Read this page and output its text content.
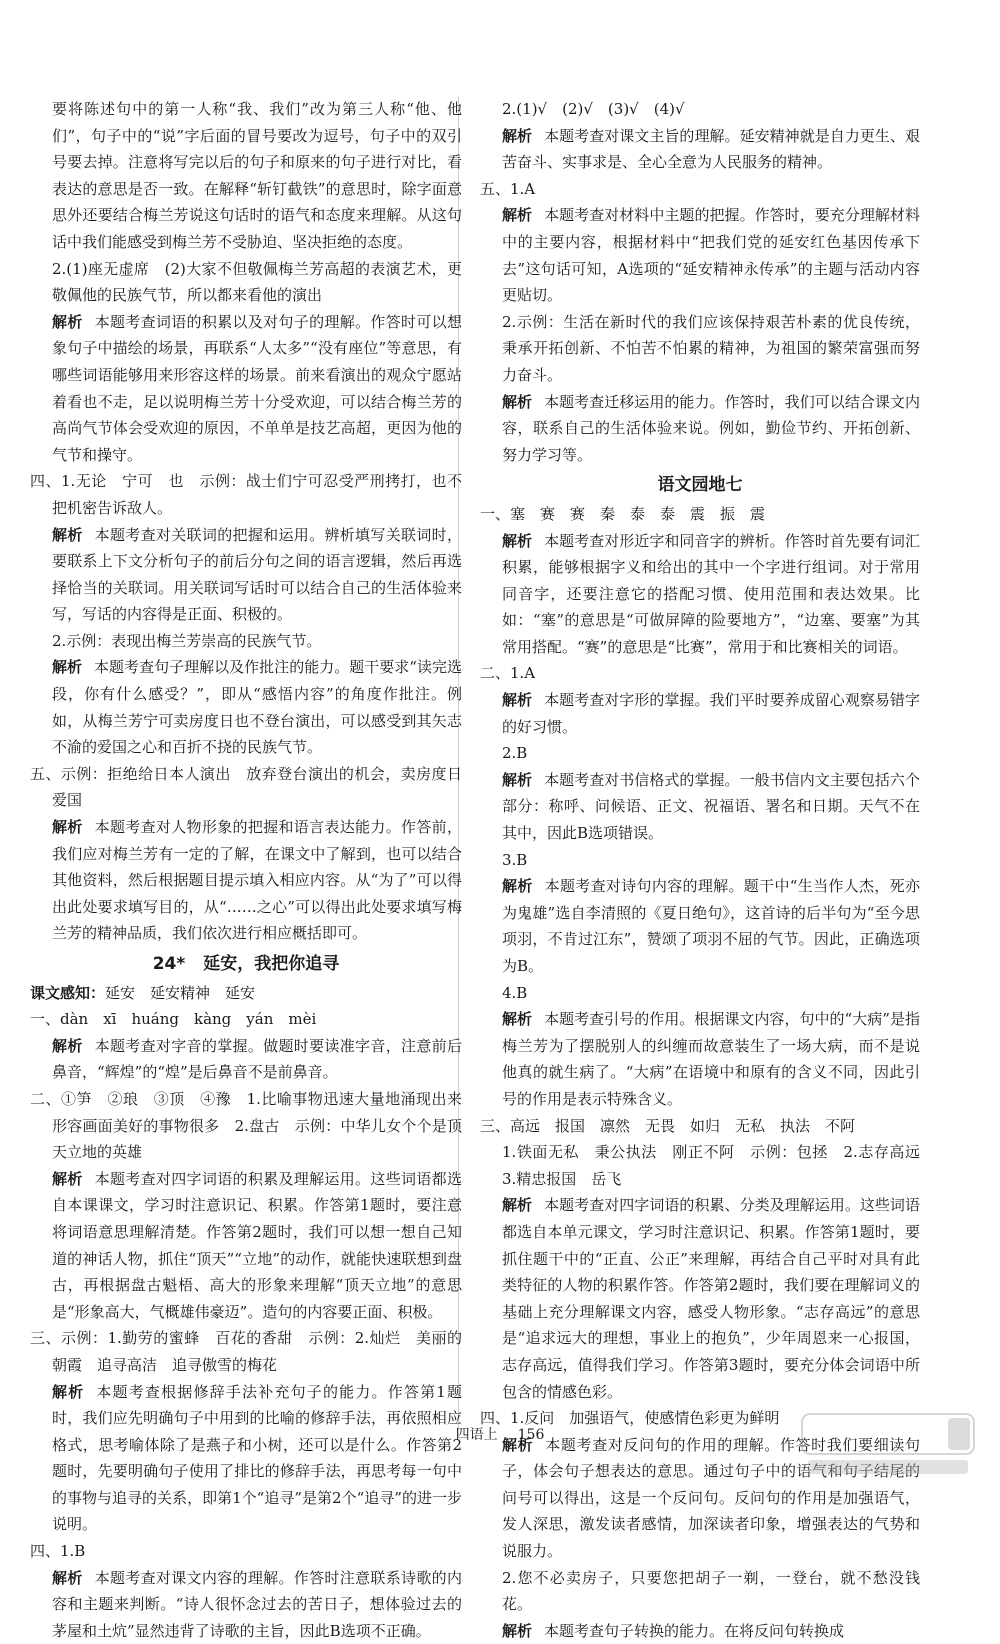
要将陈述句中的第一人称“我、我们”改为第三人称“他、他们”，句子中的“说”字后面的冒号要改为逗号，句子中的双引号要去掉。注意将写完以后的句子和原来的句子进行对比，看表达的意思是否一致。在解释“斩钉截铁”的意思时，除字面意思外还要结合梅兰芳说这句话时的语气和态度来理解。从这句话中我们能感受到梅兰芳不受胁迫、坚决拒绝的态度。

2.(1)座无虚席　(2)大家不但敬佩梅兰芳高超的表演艺术，更敬佩他的民族气节，所以都来看他的演出

解析 本题考查词语的积累以及对句子的理解。作答时可以想象句子中描绘的场景，再联系“人太多”“没有座位”等意思，有哪些词语能够用来形容这样的场景。前来看演出的观众宁愿站着看也不走，足以说明梅兰芳十分受欢迎，可以结合梅兰芳的高尚气节体会受欢迎的原因，不单单是技艺高超，更因为他的气节和操守。

四、1.无论　宁可　也　示例：战士们宁可忍受严刑拷打，也不把机密告诉敌人。

解析 本题考查对关联词的把握和运用。辨析填写关联词时，要联系上下文分析句子的前后分句之间的语言逻辑，然后再选择恰当的关联词。用关联词写话时可以结合自己的生活体验来写，写话的内容得是正面、积极的。

2.示例：表现出梅兰芳崇高的民族气节。

解析 本题考查句子理解以及作批注的能力。题干要求“读完选段，你有什么感受？”，即从“感悟内容”的角度作批注。例如，从梅兰芳宁可卖房度日也不登台演出，可以感受到其矢志不渝的爱国之心和百折不挠的民族气节。

五、示例：拒绝给日本人演出　放弃登台演出的机会，卖房度日　爱国

解析 本题考查对人物形象的把握和语言表达能力。作答前，我们应对梅兰芳有一定的了解，在课文中了解到，也可以结合其他资料，然后根据题目提示填入相应内容。从“为了”可以得出此处要求填写目的，从“……之心”可以得出此处要求填写梅兰芳的精神品质，我们依次进行相应概括即可。

24* 延安，我把你追寻

课文感知：延安　延安精神　延安

一、dàn　xī　huáng　kàng　yán　mèi

解析 本题考查对字音的掌握。做题时要读准字音，注意前后鼻音，“辉煌”的“煌”是后鼻音不是前鼻音。

二、①笋　②琅　③顶　④豫　1.比喻事物迅速大量地涌现出来　形容画面美好的事物很多　2.盘古　示例：中华儿女个个是顶天立地的英雄

解析 本题考查对四字词语的积累及理解运用。这些词语都选自本课课文，学习时注意识记、积累。作答第1题时，要注意将词语意思理解清楚。作答第2题时，我们可以想一想自己知道的神话人物，抓住“顶天”“立地”的动作，就能快速联想到盘古，再根据盘古魁梧、高大的形象来理解“顶天立地”的意思是“形象高大，气概雄伟豪迈”。造句的内容要正面、积极。

三、示例：1.勤劳的蜜蜂　百花的香甜　示例：2.灿烂　美丽的朝霞　追寻高洁　追寻傲雪的梅花

解析 本题考查根据修辞手法补充句子的能力。作答第1题时，我们应先明确句子中用到的比喻的修辞手法，再依照相应格式，思考喻体除了是燕子和小树，还可以是什么。作答第2题时，先要明确句子使用了排比的修辞手法，再思考每一句中的事物与追寻的关系，即第1个“追寻”是第2个“追寻”的进一步说明。

四、1.B

解析 本题考查对课文内容的理解。作答时注意联系诗歌的内容和主题来判断。“诗人很怀念过去的苦日子，想体验过去的茅屋和土炕”显然违背了诗歌的主旨，因此B选项不正确。

2.(1)√　(2)√　(3)√　(4)√

解析 本题考查对课文主旨的理解。延安精神就是自力更生、艰苦奋斗、实事求是、全心全意为人民服务的精神。

五、1.A

解析 本题考查对材料中主题的把握。作答时，要充分理解材料中的主要内容，根据材料中“把我们党的延安红色基因传承下去”这句话可知，A选项的“延安精神永传承”的主题与活动内容更贴切。

2.示例：生活在新时代的我们应该保持艰苦朴素的优良传统，秉承开拓创新、不怕苦不怕累的精神，为祖国的繁荣富强而努力奋斗。

解析 本题考查迁移运用的能力。作答时，我们可以结合课文内容，联系自己的生活体验来说。例如，勤俭节约、开拓创新、努力学习等。

语文园地七

一、塞　赛　赛　秦　泰　泰　震　振　震

解析 本题考查对形近字和同音字的辨析。作答时首先要有词汇积累，能够根据字义和给出的其中一个字进行组词。对于常用同音字，还要注意它的搭配习惯、使用范围和表达效果。比如：“塞”的意思是“可做屏障的险要地方”，“边塞、要塞”为其常用搭配。“赛”的意思是“比赛”，常用于和比赛相关的词语。

二、1.A

解析 本题考查对字形的掌握。我们平时要养成留心观察易错字的好习惯。

2.B

解析 本题考查对书信格式的掌握。一般书信内文主要包括六个部分：称呼、问候语、正文、祝福语、署名和日期。天气不在其中，因此B选项错误。

3.B

解析 本题考查对诗句内容的理解。题干中“生当作人杰，死亦为鬼雄”选自李清照的《夏日绝句》，这首诗的后半句为“至今思项羽，不肯过江东”，赞颂了项羽不屈的气节。因此，正确选项为B。

4.B

解析 本题考查引号的作用。根据课文内容，句中的“大病”是指梅兰芳为了摆脱别人的纠缠而故意装生了一场大病，而不是说他真的就生病了。“大病”在语境中和原有的含义不同，因此引号的作用是表示特殊含义。

三、高远　报国　凛然　无畏　如归　无私　执法　不阿

1.铁面无私　秉公执法　刚正不阿　示例：包拯　2.志存高远　3.精忠报国　岳飞

解析 本题考查对四字词语的积累、分类及理解运用。这些词语都选自本单元课文，学习时注意识记、积累。作答第1题时，要抓住题干中的“正直、公正”来理解，再结合自己平时对具有此类特征的人物的积累作答。作答第2题时，我们要在理解词义的基础上充分理解课文内容，感受人物形象。“志存高远”的意思是“追求远大的理想，事业上的抱负”，少年周恩来一心报国，志存高远，值得我们学习。作答第3题时，要充分体会词语中所包含的情感色彩。

四、1.反问　加强语气，使感情色彩更为鲜明

解析 本题考查对反问句的作用的理解。作答时我们要细读句子，体会句子想表达的意思。通过句子中的语气和句子结尾的问号可以得出，这是一个反问句。反问句的作用是加强语气，发人深思，激发读者感情，加深读者印象，增强表达的气势和说服力。

2.您不必卖房子，只要您把胡子一剃，一登台，就不愁没钱花。

解析 本题考查句子转换的能力。在将反问句转换成

四语上 156
